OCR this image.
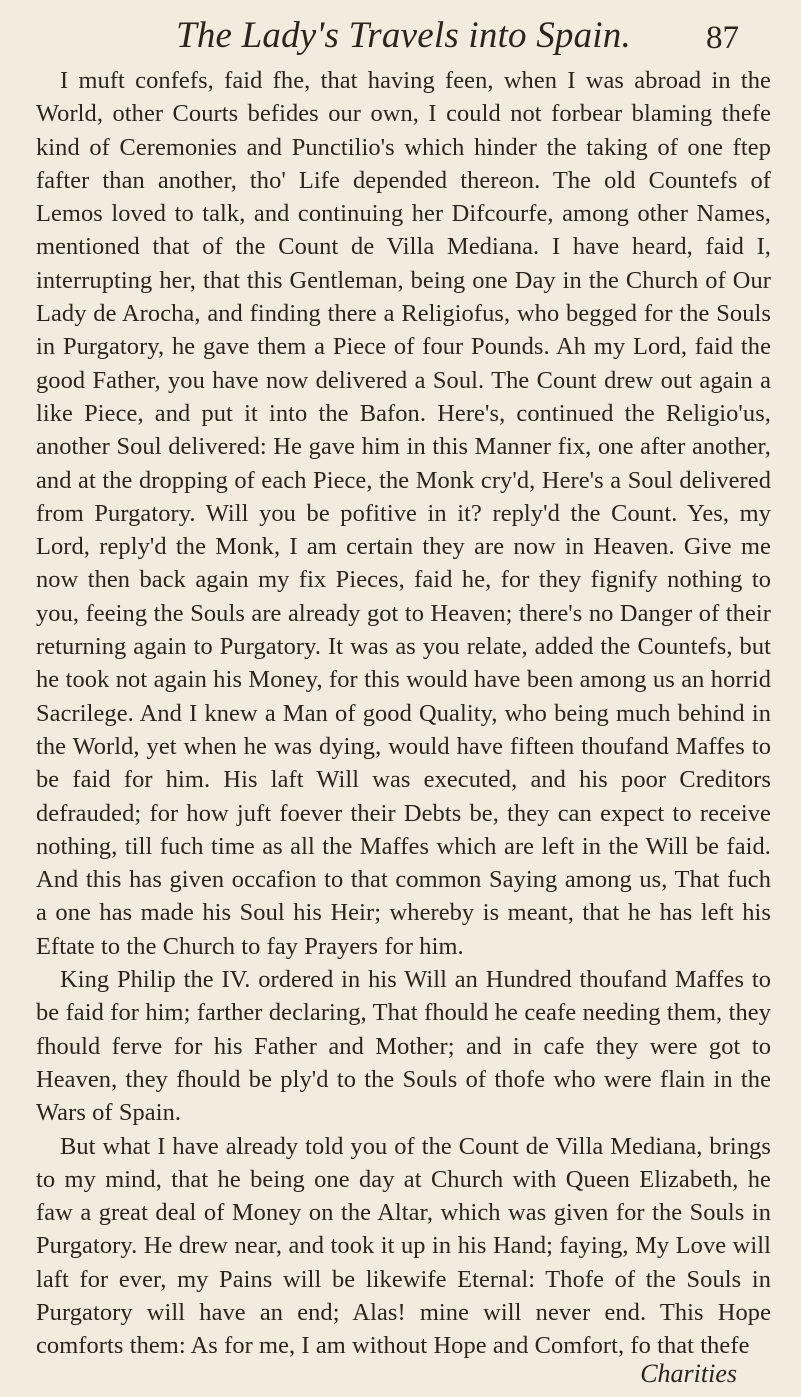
The Lady's Travels into Spain. 87

I muft confefs, faid fhe, that having feen, when I was abroad in the World, other Courts befides our own, I could not forbear blaming thefe kind of Ceremonies and Punctilio's which hinder the taking of one ftep fafter than another, tho' Life depended thereon. The old Countefs of Lemos loved to talk, and continuing her Difcourfe, among other Names, mentioned that of the Count de Villa Mediana. I have heard, faid I, interrupting her, that this Gentleman, being one Day in the Church of Our Lady de Arocha, and finding there a Religiofus, who begged for the Souls in Purgatory, he gave them a Piece of four Pounds. Ah my Lord, faid the good Father, you have now delivered a Soul. The Count drew out again a like Piece, and put it into the Bafon. Here's, continued the Religio'us, another Soul delivered: He gave him in this Manner fix, one after another, and at the dropping of each Piece, the Monk cry'd, Here's a Soul delivered from Purgatory. Will you be pofitive in it? reply'd the Count. Yes, my Lord, reply'd the Monk, I am certain they are now in Heaven. Give me now then back again my fix Pieces, faid he, for they fignify nothing to you, feeing the Souls are already got to Heaven; there's no Danger of their returning again to Purgatory. It was as you relate, added the Countefs, but he took not again his Money, for this would have been among us an horrid Sacrilege. And I knew a Man of good Quality, who being much behind in the World, yet when he was dying, would have fifteen thoufand Maffes to be faid for him. His laft Will was executed, and his poor Creditors defrauded; for how juft foever their Debts be, they can expect to receive nothing, till fuch time as all the Maffes which are left in the Will be faid. And this has given occafion to that common Saying among us, That fuch a one has made his Soul his Heir; whereby is meant, that he has left his Eftate to the Church to fay Prayers for him.

King Philip the IV. ordered in his Will an Hundred thoufand Maffes to be faid for him; farther declaring, That fhould he ceafe needing them, they fhould ferve for his Father and Mother; and in cafe they were got to Heaven, they fhould be ply'd to the Souls of thofe who were flain in the Wars of Spain.

But what I have already told you of the Count de Villa Mediana, brings to my mind, that he being one day at Church with Queen Elizabeth, he faw a great deal of Money on the Altar, which was given for the Souls in Purgatory. He drew near, and took it up in his Hand; faying, My Love will laft for ever, my Pains will be likewife Eternal: Thofe of the Souls in Purgatory will have an end; Alas! mine will never end. This Hope comforts them: As for me, I am without Hope and Comfort, fo that thefe

Charities
